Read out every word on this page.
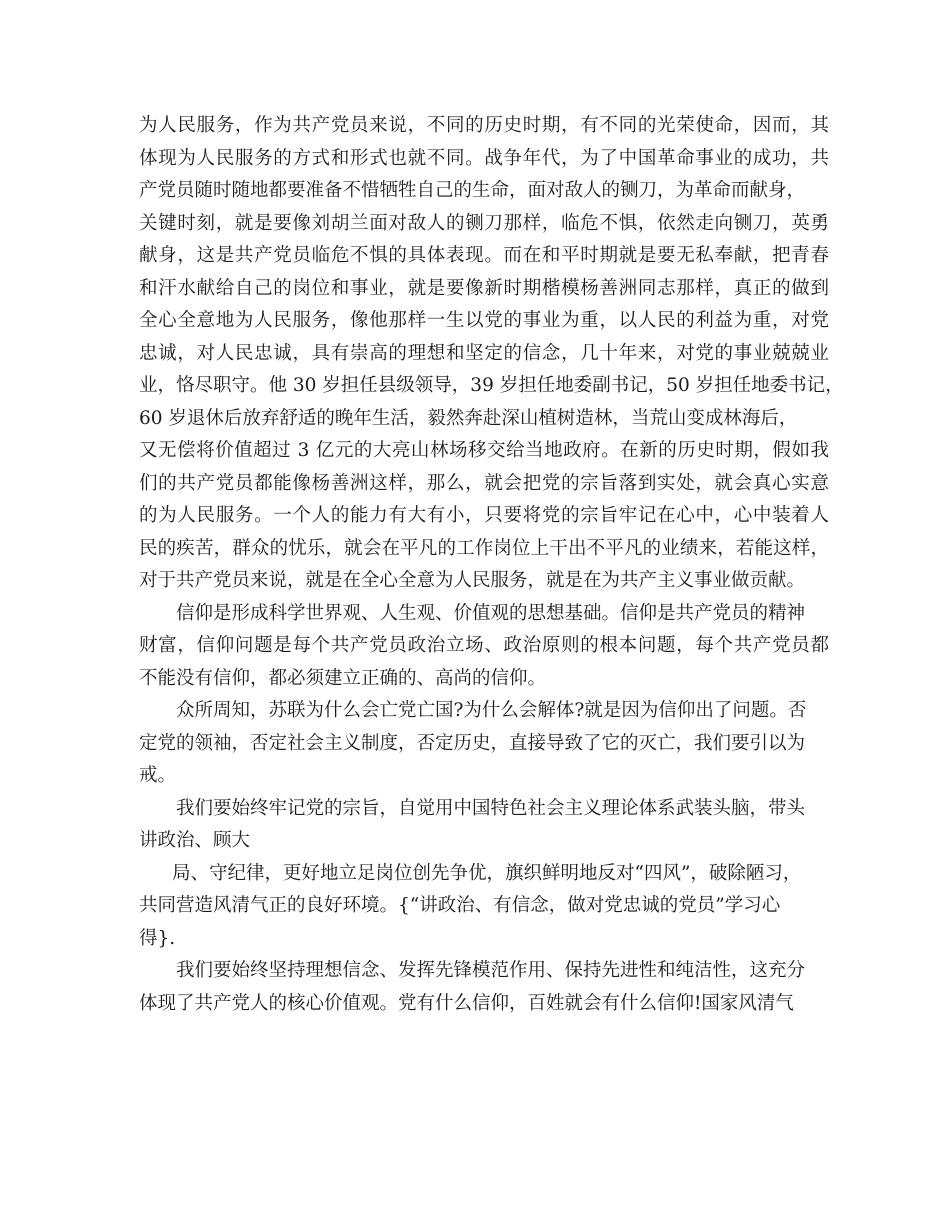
为人民服务，作为共产党员来说，不同的历史时期，有不同的光荣使命，因而，其
体现为人民服务的方式和形式也就不同。战争年代，为了中国革命事业的成功，共
产党员随时随地都要准备不惜牺牲自己的生命，面对敌人的铡刀，为革命而献身，
关键时刻，就是要像刘胡兰面对敌人的铡刀那样，临危不惧，依然走向铡刀，英勇
献身，这是共产党员临危不惧的具体表现。而在和平时期就是要无私奉献，把青春
和汗水献给自己的岗位和事业，就是要像新时期楷模杨善洲同志那样，真正的做到
全心全意地为人民服务，像他那样一生以党的事业为重，以人民的利益为重，对党
忠诚，对人民忠诚，具有崇高的理想和坚定的信念，几十年来，对党的事业兢兢业
业，恪尽职守。他 30 岁担任县级领导，39 岁担任地委副书记，50 岁担任地委书记，
60 岁退休后放弃舒适的晚年生活，毅然奔赴深山植树造林，当荒山变成林海后，
又无偿将价值超过 3 亿元的大亮山林场移交给当地政府。在新的历史时期，假如我
们的共产党员都能像杨善洲这样，那么，就会把党的宗旨落到实处，就会真心实意
的为人民服务。一个人的能力有大有小，只要将党的宗旨牢记在心中，心中装着人
民的疾苦，群众的忧乐，就会在平凡的工作岗位上干出不平凡的业绩来，若能这样，
对于共产党员来说，就是在全心全意为人民服务，就是在为共产主义事业做贡献。
信仰是形成科学世界观、人生观、价值观的思想基础。信仰是共产党员的精神
财富，信仰问题是每个共产党员政治立场、政治原则的根本问题，每个共产党员都
不能没有信仰，都必须建立正确的、高尚的信仰。
众所周知，苏联为什么会亡党亡国?为什么会解体?就是因为信仰出了问题。否
定党的领袖，否定社会主义制度，否定历史，直接导致了它的灭亡，我们要引以为
戒。
我们要始终牢记党的宗旨，自觉用中国特色社会主义理论体系武装头脑，带头
讲政治、顾大
局、守纪律，更好地立足岗位创先争优，旗织鲜明地反对“四风”，破除陋习，
共同营造风清气正的良好环境。{“讲政治、有信念，做对党忠诚的党员”学习心
得}.
我们要始终坚持理想信念、发挥先锋模范作用、保持先进性和纯洁性，这充分
体现了共产党人的核心价值观。党有什么信仰，百姓就会有什么信仰!国家风清气
